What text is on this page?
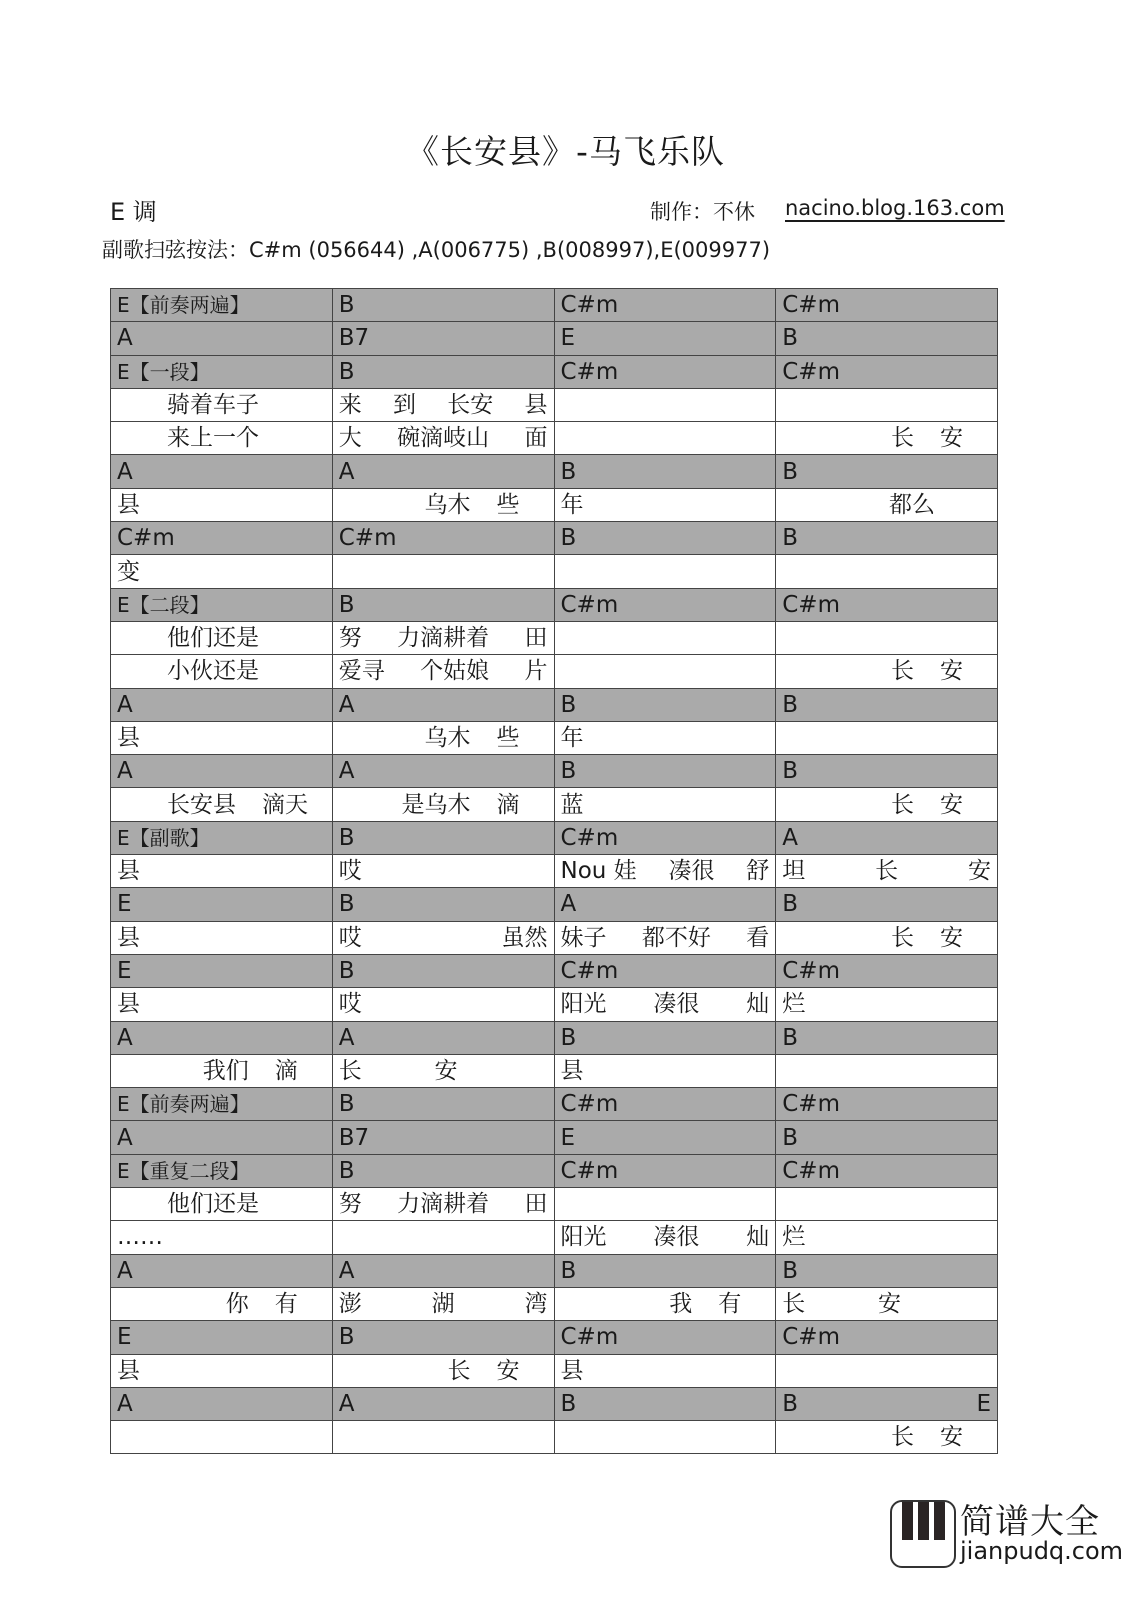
《长安县》-马飞乐队
E 调	制作：不休 nacino.blog.163.com
副歌扫弦按法：C#m (056644) ,A(006775) ,B(008997),E(009977)
E【前奏两遍】	B	C#m	C#m

A	B7	E	B

E【一段】	B	C#m	C#m

骑着车子	来 到 长安 县		

来上一个	大 碗滴岐山 面		长 安

A	A	B	B

县	乌木 些	年	都么

C#m	C#m	B	B

变			

E【二段】	B	C#m	C#m

他们还是	努 力滴耕着 田		

小伙还是	爱寻 个姑娘 片		长 安

A	A	B	B

县	乌木 些	年	

A	A	B	B

长安县 滴天	是乌木 滴	蓝	长 安

E【副歌】	B	C#m	A

县	哎	Nou 娃 凑很 舒	坦 长 安

E	B	A	B

县	哎 虽然	妹子 都不好 看	长 安

E	B	C#m	C#m

县	哎	阳光 凑很 灿	烂

A	A	B	B

我们 滴	长 安	县	

E【前奏两遍】	B	C#m	C#m

A	B7	E	B

E【重复二段】	B	C#m	C#m

他们还是	努 力滴耕着 田		

……		阳光 凑很 灿	烂

A	A	B	B

你 有	澎 湖 湾	我 有	长 安

E	B	C#m	C#m

县	长 安	县	

A	A	B	B E

			长 安
简谱大全
jianpudq.com
